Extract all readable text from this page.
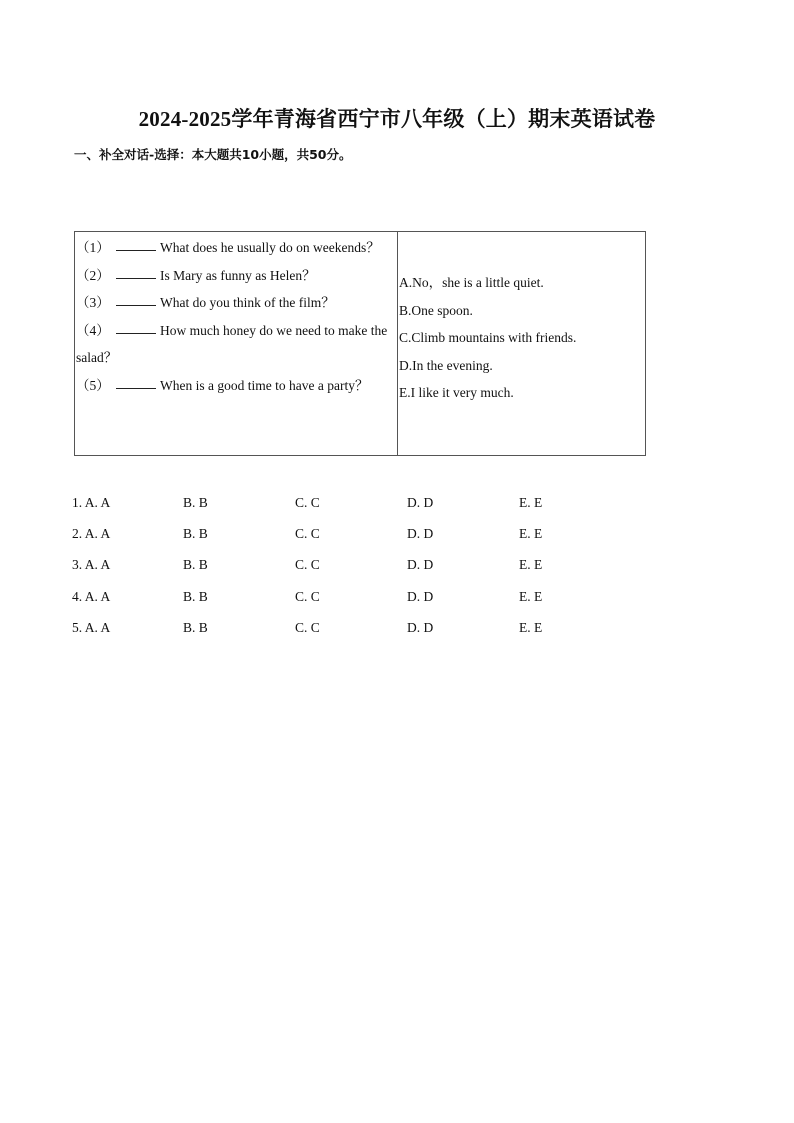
2024-2025学年青海省西宁市八年级（上）期末英语试卷
一、补全对话-选择：本大题共10小题，共50分。
（1）	What does he usually do on weekends？
（2）	Is Mary as funny as Helen？
（3）	What do you think of the film？
（4）	How much honey do we need to make the salad？
（5）	When is a good time to have a party？
A.No，she is a little quiet.
B.One spoon.
C.Climb mountains with friends.
D.In the evening.
E.I like it very much.
1. A. A	B. B	C. C	D. D	E. E
2. A. A	B. B	C. C	D. D	E. E
3. A. A	B. B	C. C	D. D	E. E
4. A. A	B. B	C. C	D. D	E. E
5. A. A	B. B	C. C	D. D	E. E
